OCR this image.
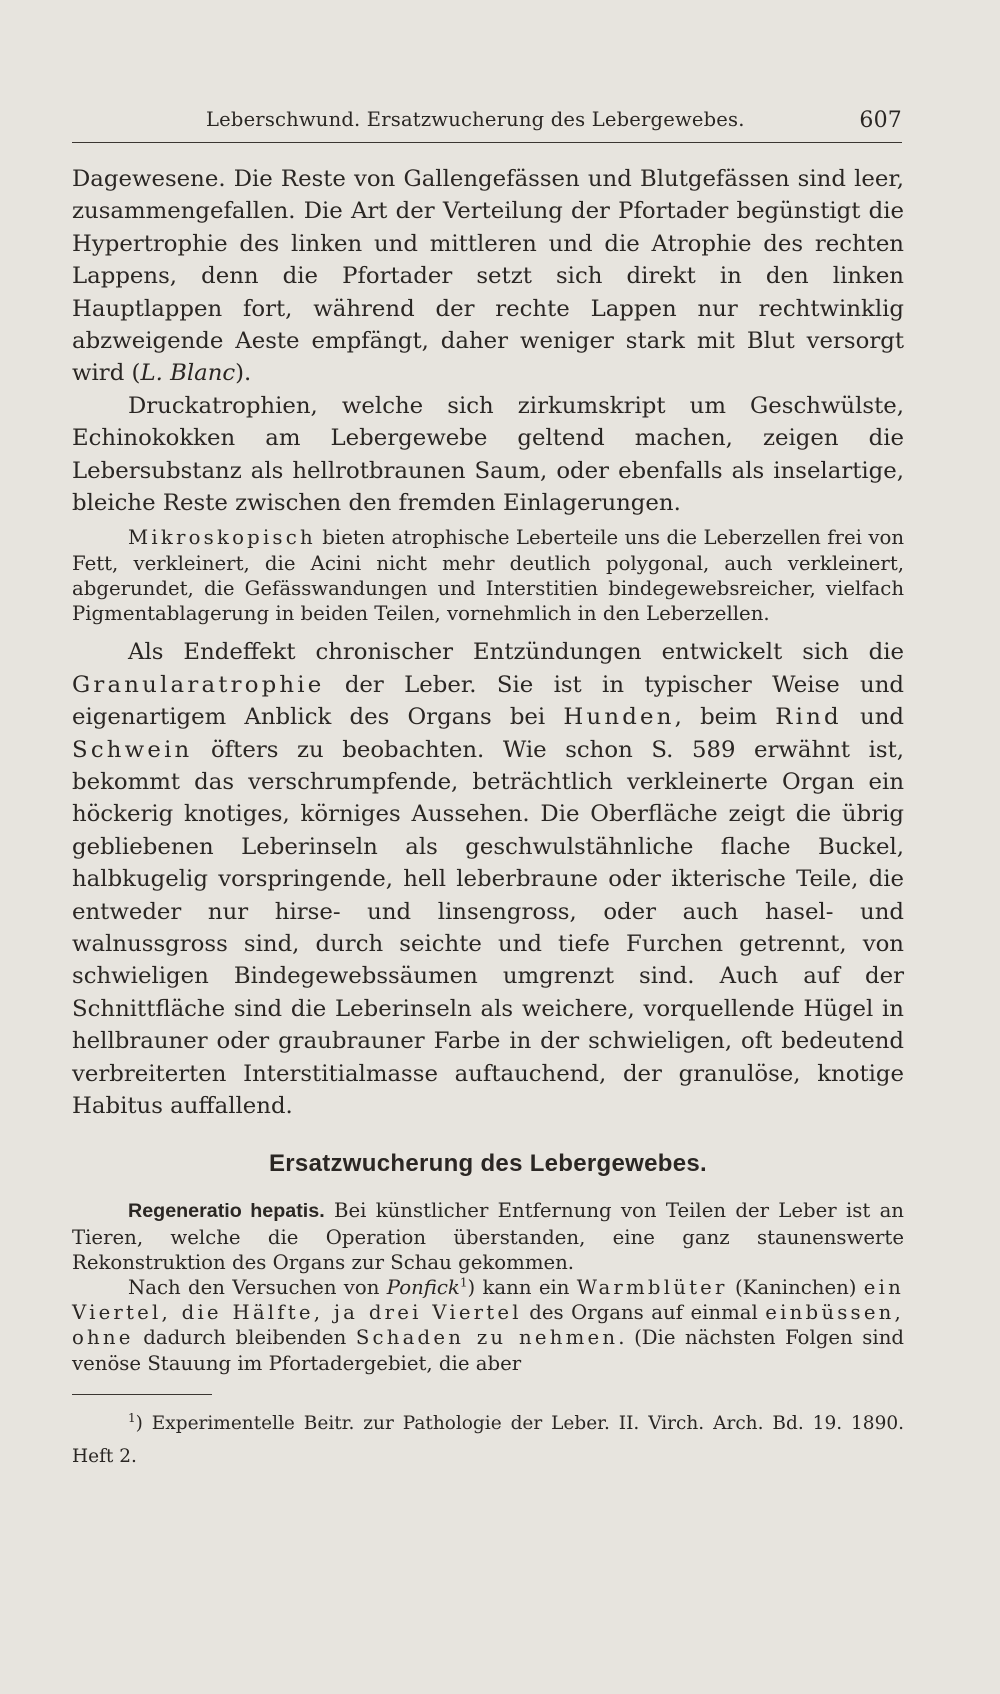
Leberschwund. Ersatzwucherung des Lebergewebes.	607

Dagewesene. Die Reste von Gallengefässen und Blutgefässen sind leer, zusammengefallen. Die Art der Verteilung der Pfortader begünstigt die Hypertrophie des linken und mittleren und die Atrophie des rechten Lappens, denn die Pfortader setzt sich direkt in den linken Hauptlappen fort, während der rechte Lappen nur rechtwinklig abzweigende Aeste empfängt, daher weniger stark mit Blut versorgt wird (L. Blanc).

Druckatrophien, welche sich zirkumskript um Geschwülste, Echinokokken am Lebergewebe geltend machen, zeigen die Lebersubstanz als hellrotbraunen Saum, oder ebenfalls als inselartige, bleiche Reste zwischen den fremden Einlagerungen.

Mikroskopisch bieten atrophische Leberteile uns die Leberzellen frei von Fett, verkleinert, die Acini nicht mehr deutlich polygonal, auch verkleinert, abgerundet, die Gefässwandungen und Interstitien bindegewebsreicher, vielfach Pigmentablagerung in beiden Teilen, vornehmlich in den Leberzellen.

Als Endeffekt chronischer Entzündungen entwickelt sich die Granularatrophie der Leber. Sie ist in typischer Weise und eigenartigem Anblick des Organs bei Hunden, beim Rind und Schwein öfters zu beobachten. Wie schon S. 589 erwähnt ist, bekommt das verschrumpfende, beträchtlich verkleinerte Organ ein höckerig knotiges, körniges Aussehen. Die Oberfläche zeigt die übrig gebliebenen Leberinseln als geschwulstähnliche flache Buckel, halbkugelig vorspringende, hell leberbraune oder ikterische Teile, die entweder nur hirse- und linsengross, oder auch hasel- und walnussgross sind, durch seichte und tiefe Furchen getrennt, von schwieligen Bindegewebssäumen umgrenzt sind. Auch auf der Schnittfläche sind die Leberinseln als weichere, vorquellende Hügel in hellbrauner oder graubrauner Farbe in der schwieligen, oft bedeutend verbreiterten Interstitialmasse auftauchend, der granulöse, knotige Habitus auffallend.

Ersatzwucherung des Lebergewebes.

Regeneratio hepatis. Bei künstlicher Entfernung von Teilen der Leber ist an Tieren, welche die Operation überstanden, eine ganz staunenswerte Rekonstruktion des Organs zur Schau gekommen.

Nach den Versuchen von Ponfick$^1$) kann ein Warmblüter (Kaninchen) ein Viertel, die Hälfte, ja drei Viertel des Organs auf einmal einbüssen, ohne dadurch bleibenden Schaden zu nehmen. (Die nächsten Folgen sind venöse Stauung im Pfortadergebiet, die aber

$^1$) Experimentelle Beitr. zur Pathologie der Leber. II. Virch. Arch. Bd. 19. 1890. Heft 2.
